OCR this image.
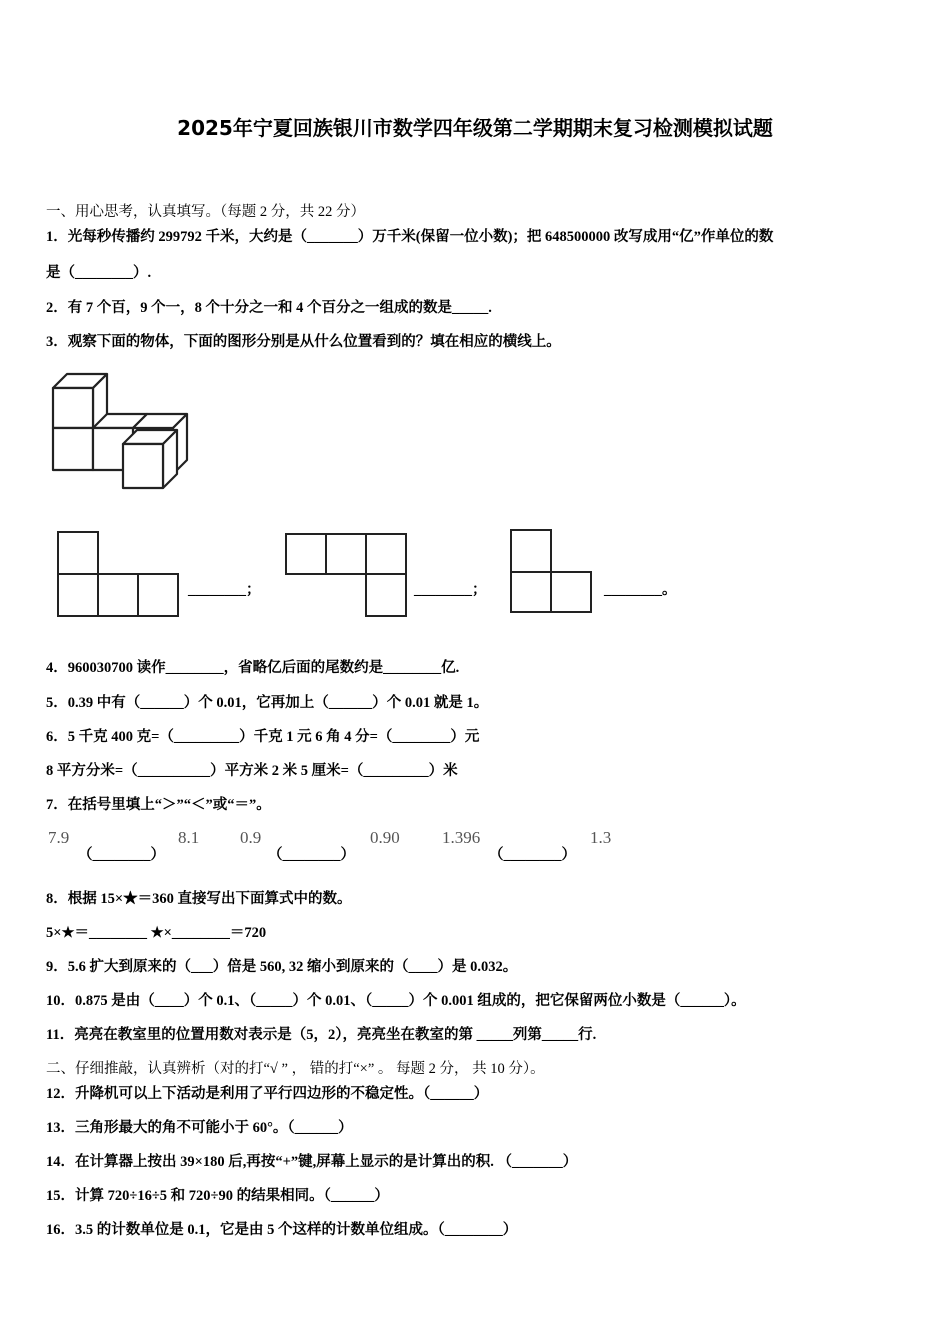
2025年宁夏回族银川市数学四年级第二学期期末复习检测模拟试题
一、用心思考，认真填写。（每题 2 分，共 22 分）
1．光每秒传播约 299792 千米，大约是（_______）万千米(保留一位小数)；把 648500000 改写成用“亿”作单位的数
是（________）.
2．有 7 个百，9 个一，8 个十分之一和 4 个百分之一组成的数是_____.
3．观察下面的物体，下面的图形分别是从什么位置看到的？填在相应的横线上。
________；	________；	________。
4．960030700 读作________，省略亿后面的尾数约是________亿.
5．0.39 中有（______）个 0.01，它再加上（______）个 0.01 就是 1。
6．5 千克 400 克=（_________）千克 1 元 6 角 4 分=（________）元
8 平方分米=（__________）平方米 2 米 5 厘米=（_________）米
7．在括号里填上“＞”“＜”或“＝”。
7.9
（________）
8.1 0.9
（________）
0.90 1.396
（________）
1.3
8．根据 15×★＝360 直接写出下面算式中的数。
5×★＝________ ★×________＝720
9．5.6 扩大到原来的（___）倍是 560, 32 缩小到原来的（____）是 0.032。
10．0.875 是由（____）个 0.1、（_____）个 0.01、（_____）个 0.001 组成的，把它保留两位小数是（______）。
11．亮亮在教室里的位置用数对表示是（5，2），亮亮坐在教室的第 _____列第_____行.
二、仔细推敲，认真辨析（对的打“√ ” ， 错的打“×” 。 每题 2 分， 共 10 分）。
12．升降机可以上下活动是利用了平行四边形的不稳定性。（______）
13．三角形最大的角不可能小于 60°。（______）
14．在计算器上按出 39×180 后,再按“+”键,屏幕上显示的是计算出的积. （_______）
15．计算 720÷16÷5 和 720÷90 的结果相同。（______）
16．3.5 的计数单位是 0.1，它是由 5 个这样的计数单位组成。（________）
